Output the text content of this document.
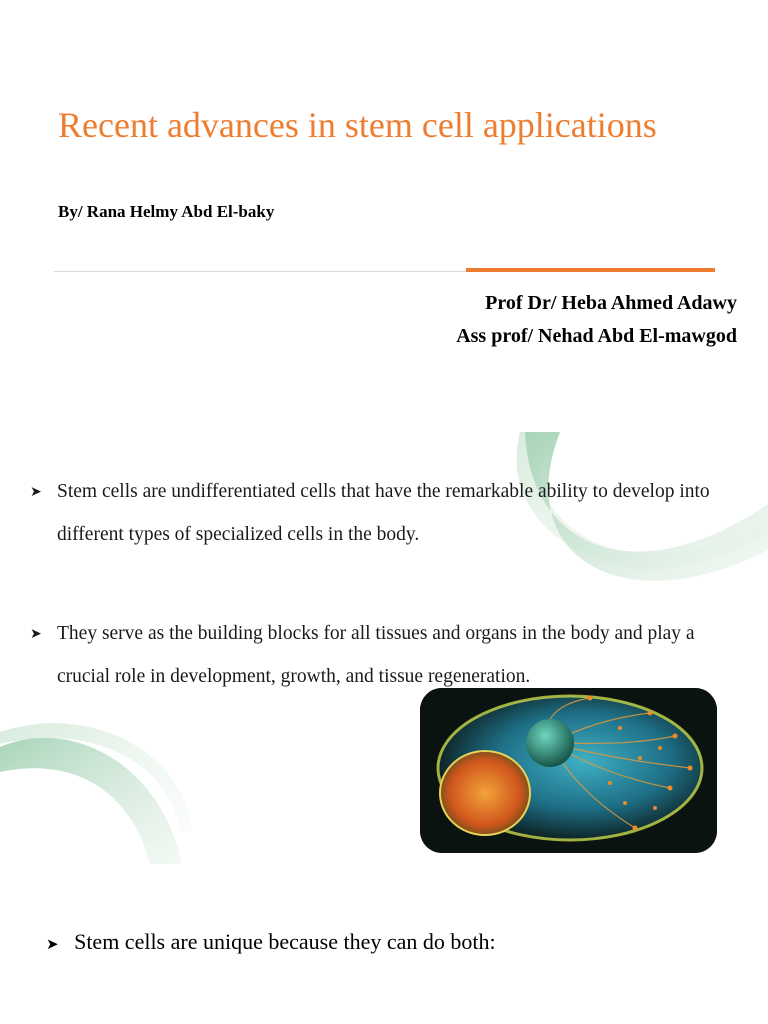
Recent advances in stem cell applications
By/ Rana Helmy Abd El-baky
Prof Dr/ Heba Ahmed Adawy
Ass prof/ Nehad Abd El-mawgod
➤ Stem cells are undifferentiated cells that have the remarkable ability to develop into different types of specialized cells in the body.
➤ They serve as the building blocks for all tissues and organs in the body and play a crucial role in development, growth, and tissue regeneration.
➤ Stem cells are unique because they can do both:
